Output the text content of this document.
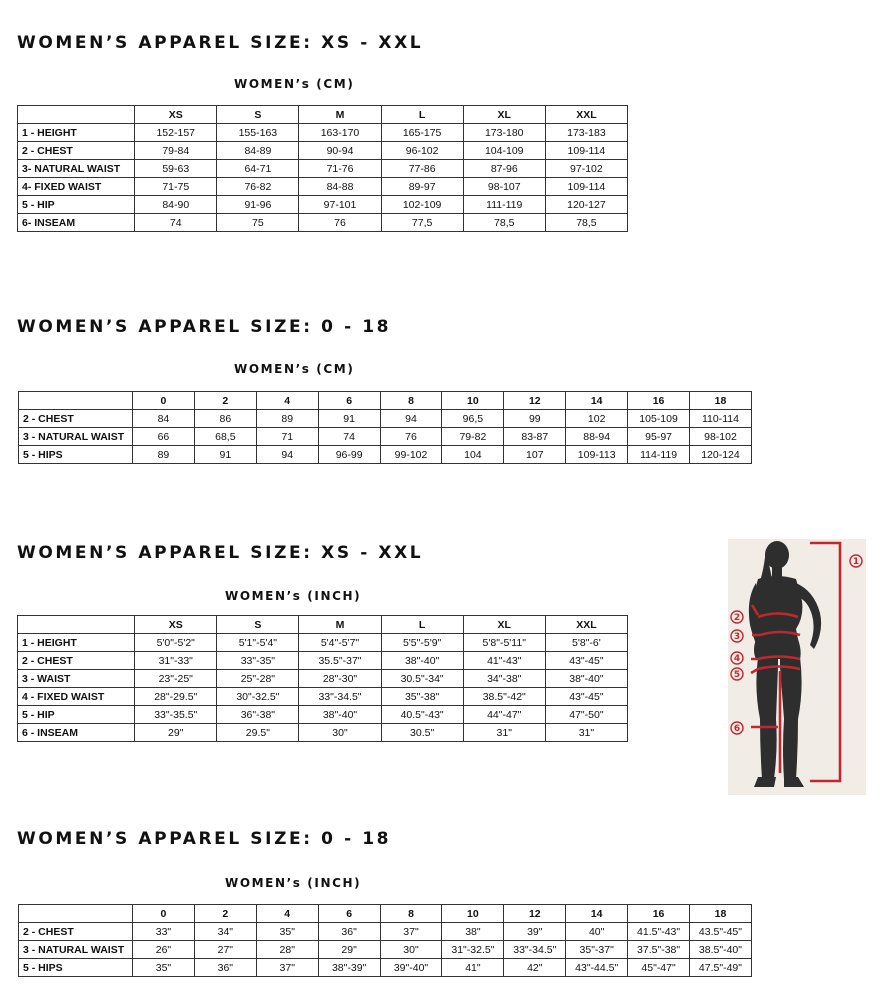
WOMEN’S APPAREL SIZE: XS - XXL
WOMEN’s (CM)
	XS	S	M	L	XL	XXL
1 - HEIGHT	152-157	155-163	163-170	165-175	173-180	173-183
2 - CHEST	79-84	84-89	90-94	96-102	104-109	109-114
3- NATURAL WAIST	59-63	64-71	71-76	77-86	87-96	97-102
4- FIXED WAIST	71-75	76-82	84-88	89-97	98-107	109-114
5 - HIP	84-90	91-96	97-101	102-109	111-119	120-127
6- INSEAM	74	75	76	77,5	78,5	78,5
WOMEN’S APPAREL SIZE: 0 - 18
WOMEN’s (CM)
	0	2	4	6	8	10	12	14	16	18
2 - CHEST	84	86	89	91	94	96,5	99	102	105-109	110-114
3 - NATURAL WAIST	66	68,5	71	74	76	79-82	83-87	88-94	95-97	98-102
5 - HIPS	89	91	94	96-99	99-102	104	107	109-113	114-119	120-124
WOMEN’S APPAREL SIZE: XS - XXL
WOMEN’s (INCH)
	XS	S	M	L	XL	XXL
1 - HEIGHT	5'0"-5'2"	5'1"-5'4"	5'4"-5'7"	5'5"-5'9"	5'8"-5'11"	5'8"-6'
2 - CHEST	31"-33"	33"-35"	35.5"-37"	38"-40"	41"-43"	43"-45"
3 - WAIST	23"-25"	25"-28"	28"-30"	30.5"-34"	34"-38"	38"-40"
4 - FIXED WAIST	28"-29.5"	30"-32.5"	33"-34.5"	35"-38"	38.5"-42"	43"-45"
5 - HIP	33"-35.5"	36"-38"	38"-40"	40.5"-43"	44"-47"	47"-50"
6 - INSEAM	29"	29.5"	30"	30.5"	31"	31"
WOMEN’S APPAREL SIZE: 0 - 18
WOMEN’s (INCH)
	0	2	4	6	8	10	12	14	16	18
2 - CHEST	33"	34"	35"	36"	37"	38"	39"	40"	41.5"-43"	43.5"-45"
3 - NATURAL WAIST	26"	27"	28"	29"	30"	31"-32.5"	33"-34.5"	35"-37"	37.5"-38"	38.5"-40"
5 - HIPS	35"	36"	37"	38"-39"	39"-40"	41"	42"	43"-44.5"	45"-47"	47.5"-49"
1
2
3
4
5
6
